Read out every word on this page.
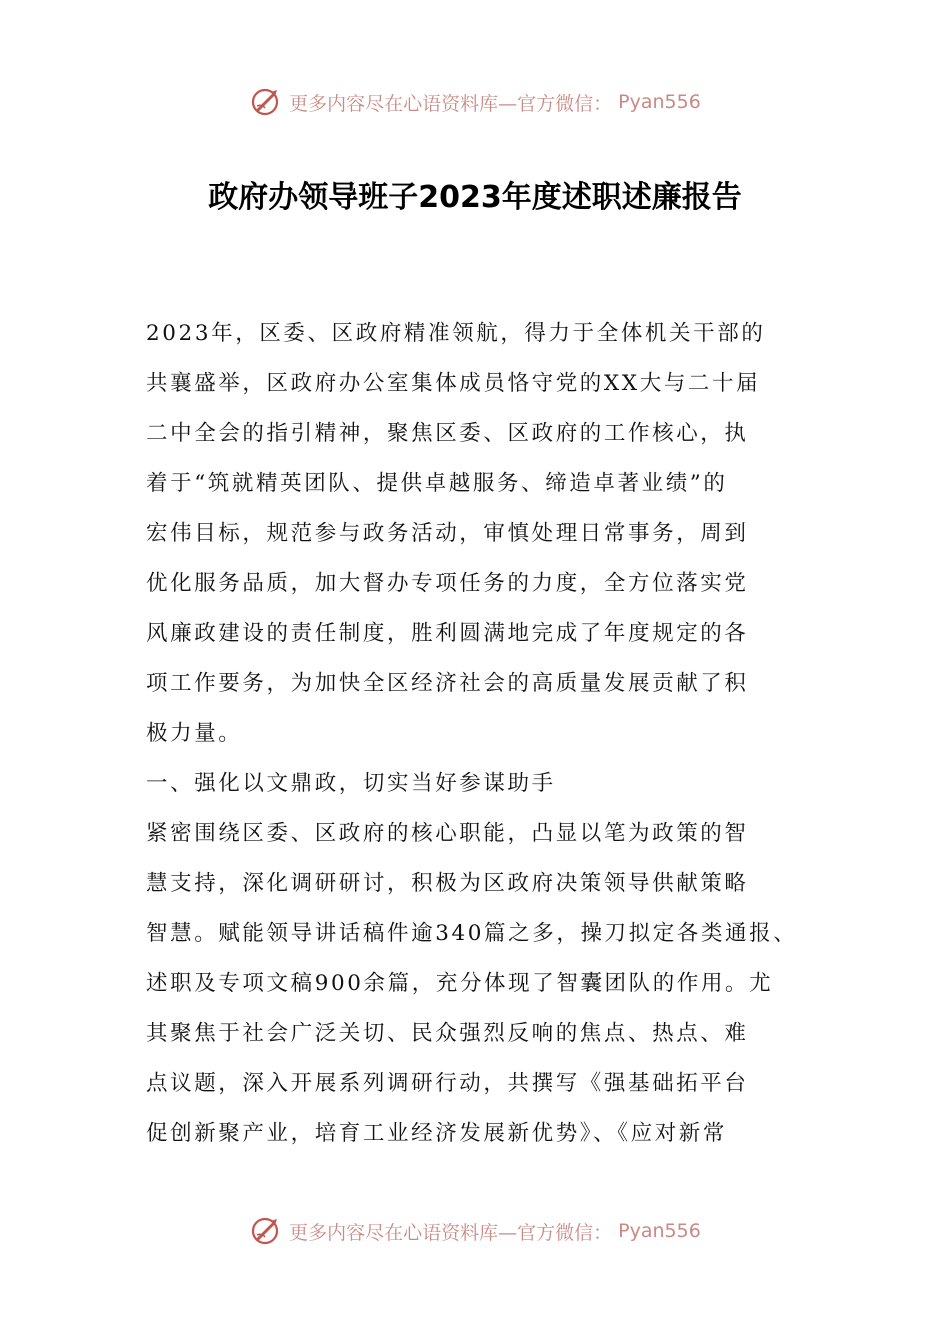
更多内容尽在心语资料库—官方微信： Pyan556
政府办领导班子2023年度述职述廉报告
2023年，区委、区政府精准领航，得力于全体机关干部的
共襄盛举，区政府办公室集体成员恪守党的XX大与二十届
二中全会的指引精神，聚焦区委、区政府的工作核心，执
着于“筑就精英团队、提供卓越服务、缔造卓著业绩”的
宏伟目标，规范参与政务活动，审慎处理日常事务，周到
优化服务品质，加大督办专项任务的力度，全方位落实党
风廉政建设的责任制度，胜利圆满地完成了年度规定的各
项工作要务，为加快全区经济社会的高质量发展贡献了积
极力量。
一、强化以文鼎政，切实当好参谋助手
紧密围绕区委、区政府的核心职能，凸显以笔为政策的智
慧支持，深化调研研讨，积极为区政府决策领导供献策略
智慧。赋能领导讲话稿件逾340篇之多，操刀拟定各类通报、
述职及专项文稿900余篇，充分体现了智囊团队的作用。尤
其聚焦于社会广泛关切、民众强烈反响的焦点、热点、难
点议题，深入开展系列调研行动，共撰写《强基础拓平台
促创新聚产业，培育工业经济发展新优势》、《应对新常
更多内容尽在心语资料库—官方微信： Pyan556
